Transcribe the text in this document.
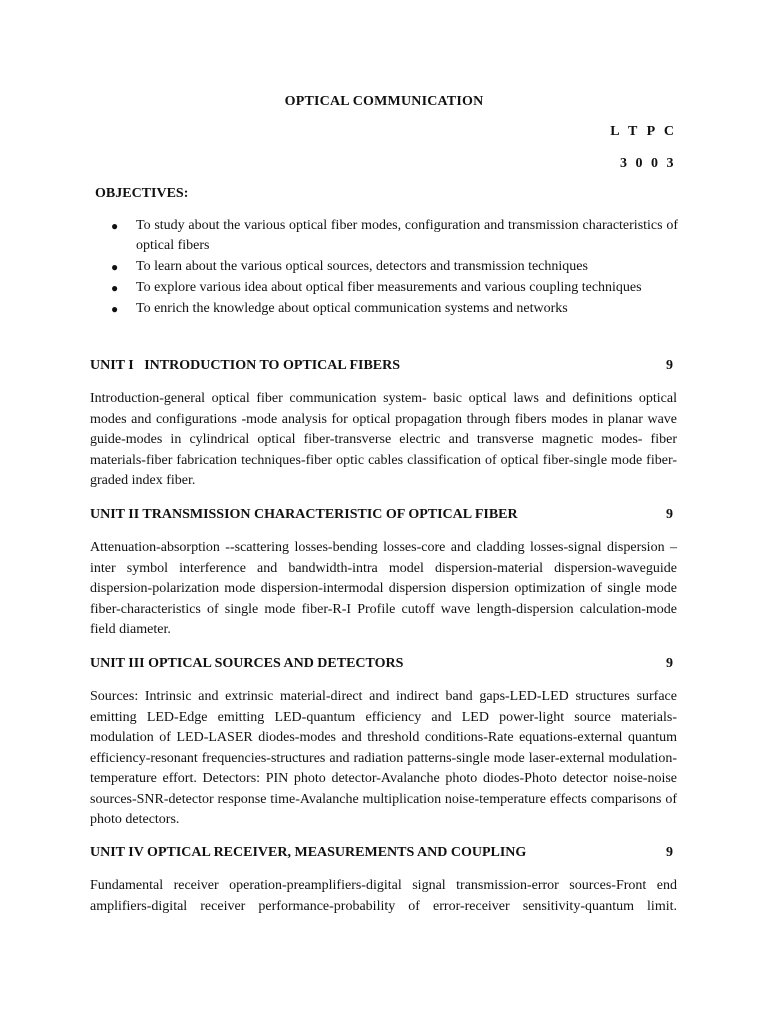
OPTICAL COMMUNICATION
L T P C
3 0 0 3
OBJECTIVES:
● To study about the various optical fiber modes, configuration and transmission characteristics of optical fibers
● To learn about the various optical sources, detectors and transmission techniques
● To explore various idea about optical fiber measurements and various coupling techniques
● To enrich the knowledge about optical communication systems and networks
UNIT I   INTRODUCTION TO OPTICAL FIBERS	9
Introduction-general optical fiber communication system- basic optical laws and definitions optical modes and configurations -mode analysis for optical propagation through fibers modes in planar wave guide-modes in cylindrical optical fiber-transverse electric and transverse magnetic modes- fiber materials-fiber fabrication techniques-fiber optic cables classification of optical fiber-single mode fiber-graded index fiber.
UNIT II TRANSMISSION CHARACTERISTIC OF OPTICAL FIBER	9
Attenuation-absorption --scattering losses-bending losses-core and cladding losses-signal dispersion –inter symbol interference and bandwidth-intra model dispersion-material dispersion-waveguide dispersion-polarization mode dispersion-intermodal dispersion dispersion optimization of single mode fiber-characteristics of single mode fiber-R-I Profile cutoff wave length-dispersion calculation-mode field diameter.
UNIT III OPTICAL SOURCES AND DETECTORS	9
Sources: Intrinsic and extrinsic material-direct and indirect band gaps-LED-LED structures surface emitting LED-Edge emitting LED-quantum efficiency and LED power-light source materials-modulation of LED-LASER diodes-modes and threshold conditions-Rate equations-external quantum efficiency-resonant frequencies-structures and radiation patterns-single mode laser-external modulation-temperature effort. Detectors: PIN photo detector-Avalanche photo diodes-Photo detector noise-noise sources-SNR-detector response time-Avalanche multiplication noise-temperature effects comparisons of photo detectors.
UNIT IV OPTICAL RECEIVER, MEASUREMENTS AND COUPLING	9
Fundamental receiver operation-preamplifiers-digital signal transmission-error sources-Front end amplifiers-digital receiver performance-probability of error-receiver sensitivity-quantum limit.
